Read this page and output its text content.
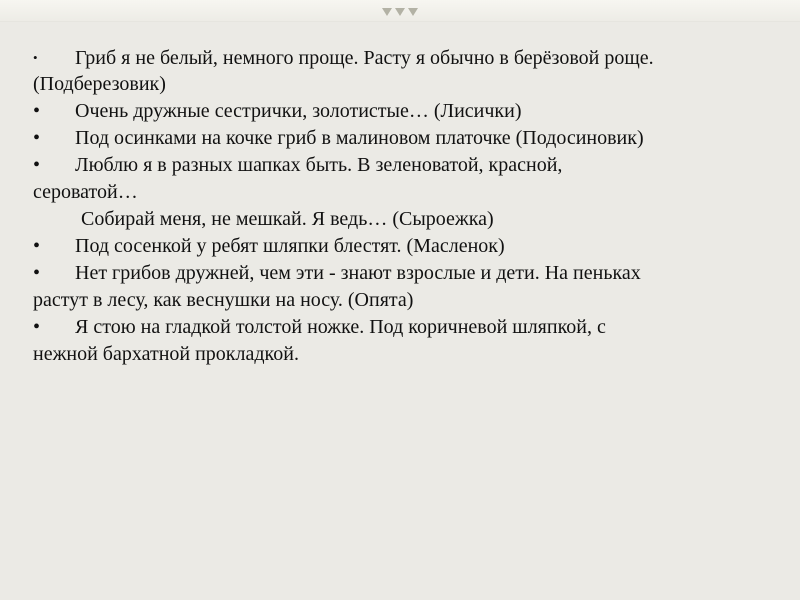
• Гриб я не белый, немного проще. Расту я обычно в берёзовой роще.
(Подберезовик)
• Очень дружные сестрички, золотистые… (Лисички)
• Под осинками на кочке гриб в малиновом платочке (Подосиновик)
• Люблю я в разных шапках быть. В зеленоватой, красной,
сероватой…
Собирай меня, не мешкай. Я ведь… (Сыроежка)
• Под сосенкой у ребят шляпки блестят. (Масленок)
• Нет грибов дружней, чем эти - знают взрослые и дети. На пеньках
растут в лесу, как веснушки на носу. (Опята)
• Я стою на гладкой толстой ножке. Под коричневой шляпкой, с
нежной бархатной прокладкой.
